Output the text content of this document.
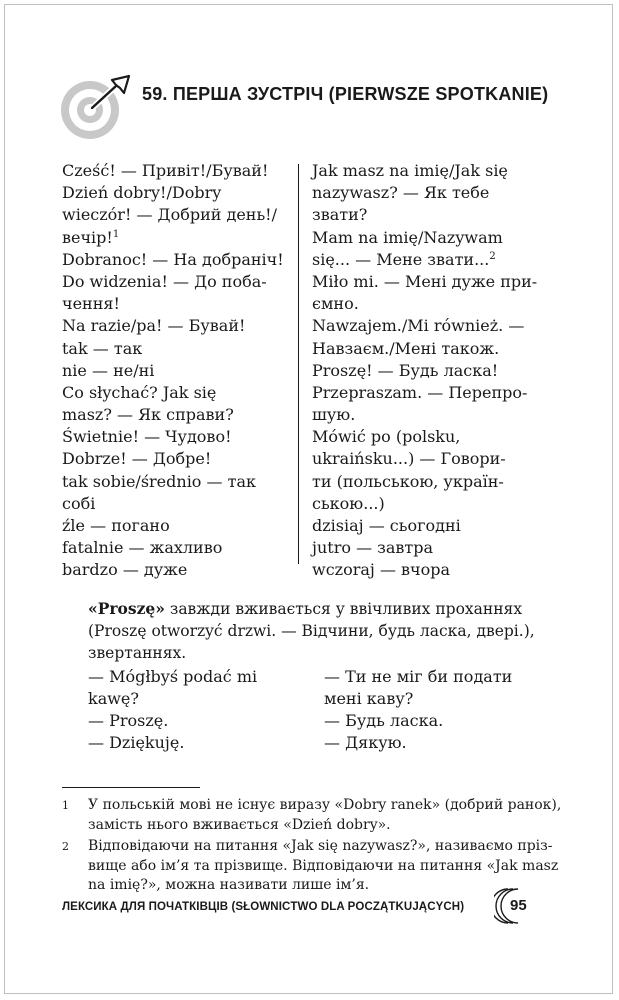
59. ПЕРША ЗУСТРІЧ (PIERWSZE SPOTKANIE)
Cześć! — Привіт!/Бувай!
Dzień dobry!/Dobry
wieczór! — Добрий день!/
вечір!$^1$
Dobranoc! — На добраніч!
Do widzenia! — До поба-
чення!
Na razie/pa! — Бувай!
tak — так
nie — не/ні
Co słychać? Jak się
masz? — Як справи?
Świetnie! — Чудово!
Dobrze! — Добре!
tak sobie/średnio — так
собі
źle — погано
fatalnie — жахливо
bardzo — дуже
Jak masz na imię/Jak się
nazywasz? — Як тебе
звати?
Mam na imię/Nazywam
się... — Мене звати...$^2$
Miło mi. — Мені дуже при-
ємно.
Nawzajem./Mi również. —
Навзаєм./Мені також.
Proszę! — Будь ласка!
Przepraszam. — Перепро-
шую.
Mówić po (polsku,
ukraińsku...) — Говори-
ти (польською, україн-
ською...)
dzisiaj — сьогодні
jutro — завтра
wczoraj — вчора
«Proszę» завжди вживається у ввічливих проханнях
(Proszę otworzyć drzwi. — Відчини, будь ласка, двері.),
звертаннях.
— Mógłbyś podać mi
kawę?
— Proszę.
— Dziękuję.
— Ти не міг би подати
мені каву?
— Будь ласка.
— Дякую.
1 У польській мові не існує виразу «Dobry ranek» (добрий ранок),
замість нього вживається «Dzień dobry».
2 Відповідаючи на питання «Jak się nazywasz?», називаємо пріз-
вище або ім’я та прізвище. Відповідаючи на питання «Jak masz
na imię?», можна називати лише ім’я.
ЛЕКСИКА ДЛЯ ПОЧАТКІВЦІВ (SŁOWNICTWO DLA POCZĄTKUJĄCYCH)	95
